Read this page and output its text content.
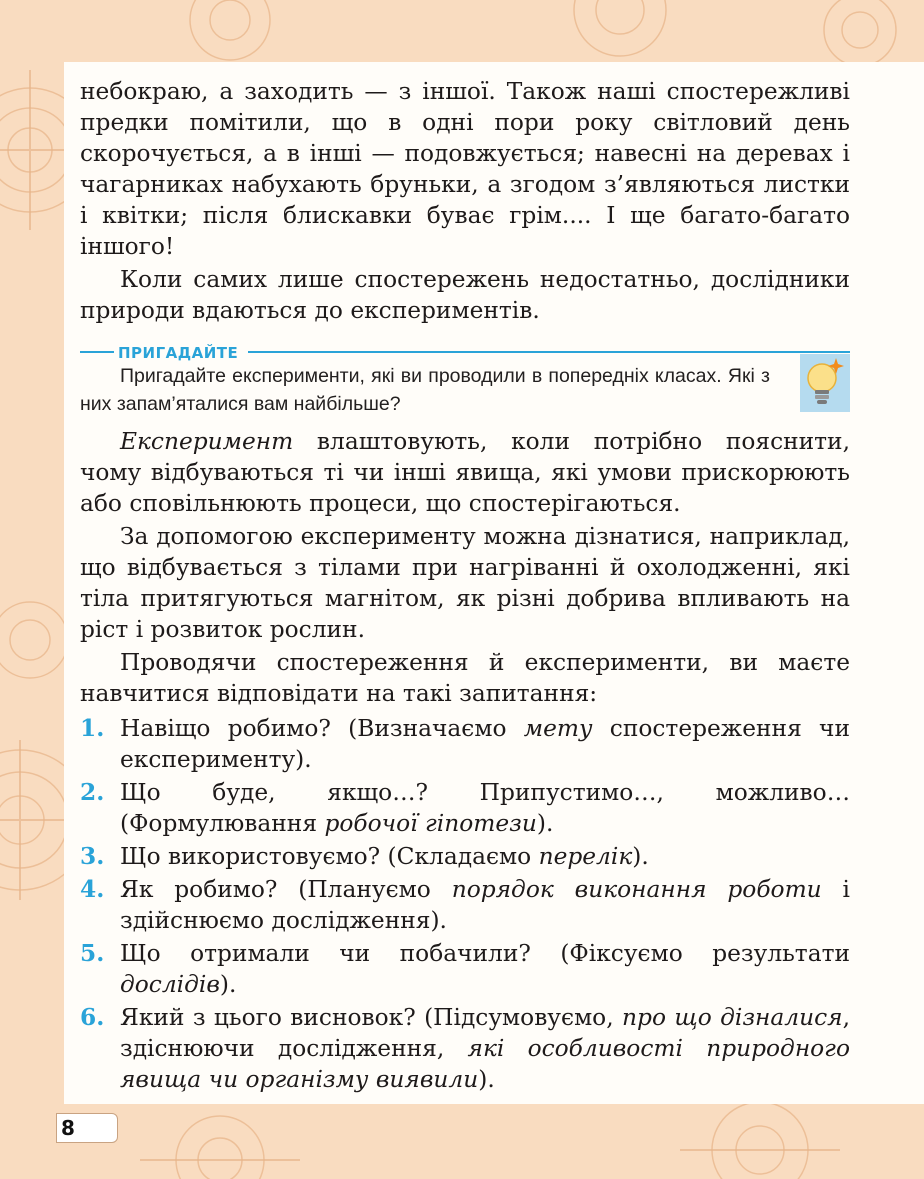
небокраю, а заходить — з іншої. Також наші спостережливі предки помітили, що в одні пори року світловий день скорочується, а в інші — подовжується; навесні на деревах і чагарниках набухають бруньки, а згодом з’являються листки і квітки; після блискавки буває грім.... І ще багато-багато іншого!

Коли самих лише спостережень недостатньо, дослідники природи вдаються до експериментів.

ПРИГАДАЙТЕ

Пригадайте експерименти, які ви проводили в попередніх класах. Які з них запам’яталися вам найбільше?

Експеримент влаштовують, коли потрібно пояснити, чому відбуваються ті чи інші явища, які умови прискорюють або сповільнюють процеси, що спостерігаються.

За допомогою експерименту можна дізнатися, наприклад, що відбувається з тілами при нагріванні й охолодженні, які тіла притягуються магнітом, як різні добрива впливають на ріст і розвиток рослин.

Проводячи спостереження й експерименти, ви маєте навчитися відповідати на такі запитання:

1. Навіщо робимо? (Визначаємо мету спостереження чи експерименту).
2. Що буде, якщо…? Припустимо…, можливо… (Формулювання робочої гіпотези).
3. Що використовуємо? (Складаємо перелік).
4. Як робимо? (Плануємо порядок виконання роботи і здійснюємо дослідження).
5. Що отримали чи побачили? (Фіксуємо результати дослідів).
6. Який з цього висновок? (Підсумовуємо, про що дізналися, здіснюючи дослідження, які особливості природного явища чи організму виявили).
8
